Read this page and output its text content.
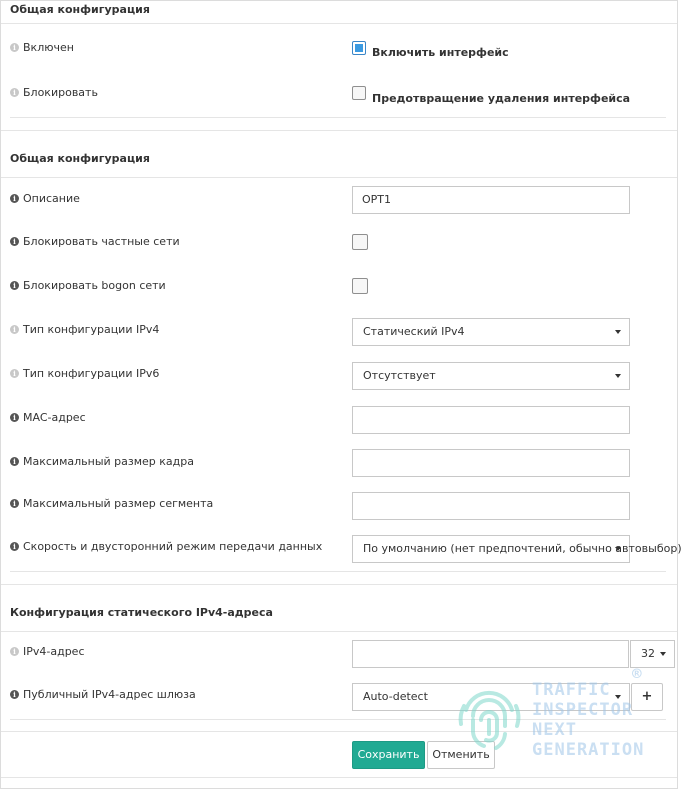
Общая конфигурация
i Включен	Включить интерфейс
i Блокировать	Предотвращение удаления интерфейса
Общая конфигурация
i Описание	OPT1
i Блокировать частные сети
i Блокировать bogon сети
i Тип конфигурации IPv4	Статический IPv4
i Тип конфигурации IPv6	Отсутствует
i MAC-адрес
i Максимальный размер кадра
i Максимальный размер сегмента
i Скорость и двусторонний режим передачи данных	По умолчанию (нет предпочтений, обычно автовыбор)
Конфигурация статического IPv4-адреса
i IPv4-адрес	32
i Публичный IPv4-адрес шлюза	Auto-detect	+
Сохранить	Отменить
TRAFFIC
INSPECTOR
NEXT
GENERATION
®
